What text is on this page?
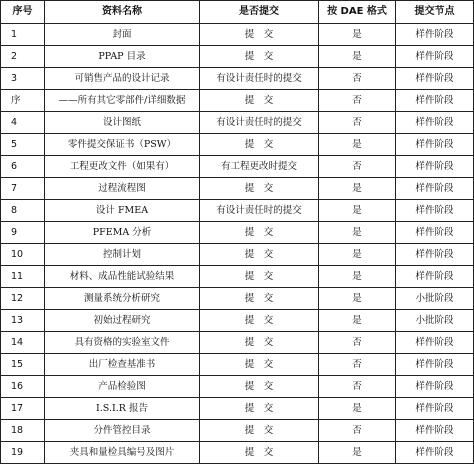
序号	资料名称	是否提交	按 DAE 格式	提交节点
1	封面	提　交	是	样件阶段
2	PPAP 目录	提　交	是	样件阶段
3	可销售产品的设计记录	有设计责任时的提交	否	样件阶段
序	——所有其它零部件/详细数据	提　交	否	样件阶段
4	设计图纸	有设计责任时的提交	否	样件阶段
5	零件提交保证书（PSW）	提　交	是	样件阶段
6	工程更改文件（如果有）	有工程更改时提交	否	样件阶段
7	过程流程图	提　交	是	样件阶段
8	设计 FMEA	有设计责任时的提交	是	样件阶段
9	PFEMA 分析	提　交	是	样件阶段
10	控制计划	提　交	是	样件阶段
11	材料、成品性能试验结果	提　交	是	样件阶段
12	测量系统分析研究	提　交	是	小批阶段
13	初始过程研究	提　交	是	小批阶段
14	具有资格的实验室文件	提　交	否	样件阶段
15	出厂检查基准书	提　交	否	样件阶段
16	产品检验图	提　交	否	样件阶段
17	I.S.I.R 报告	提　交	是	样件阶段
18	分件管控目录	提　交	否	样件阶段
19	夹具和量检具编号及图片	提　交	是	样件阶段
